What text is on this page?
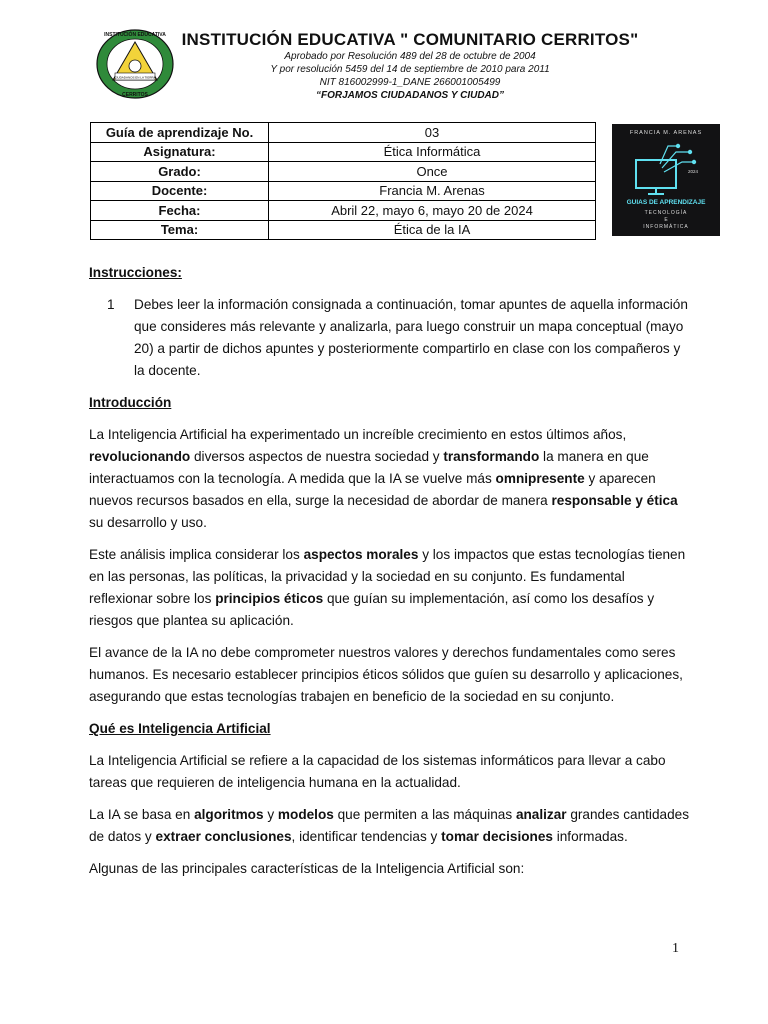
CIUDADANOS EN LA TIERRA
INSTITUCIÓN EDUCATIVA
CERRITOS

INSTITUCIÓN EDUCATIVA " COMUNITARIO CERRITOS"

Aprobado por Resolución 489 del 28 de octubre de 2004

Y por resolución 5459 del 14 de septiembre de 2010 para 2011

NIT 816002999-1_DANE 266001005499

“FORJAMOS CIUDADANOS Y CIUDAD”

Guía de aprendizaje No.	03
Asignatura:	Ética Informática
Grado:	Once
Docente:	Francia M. Arenas
Fecha:	Abril 22, mayo 6, mayo 20 de 2024
Tema:	Ética de la IA
FRANCIA M. ARENAS
2024
GUIAS DE APRENDIZAJE
TECNOLOGÍA
E
INFORMÁTICA
Instrucciones:
1	Debes leer la información consignada a continuación, tomar apuntes de aquella información que consideres más relevante y analizarla, para luego construir un mapa conceptual (mayo 20) a partir de dichos apuntes y posteriormente compartirlo en clase con los compañeros y la docente.
Introducción

La Inteligencia Artificial ha experimentado un increíble crecimiento en estos últimos años, revolucionando diversos aspectos de nuestra sociedad y transformando la manera en que interactuamos con la tecnología. A medida que la IA se vuelve más omnipresente y aparecen nuevos recursos basados en ella, surge la necesidad de abordar de manera responsable y ética su desarrollo y uso.

Este análisis implica considerar los aspectos morales y los impactos que estas tecnologías tienen en las personas, las políticas, la privacidad y la sociedad en su conjunto. Es fundamental reflexionar sobre los principios éticos que guían su implementación, así como los desafíos y riesgos que plantea su aplicación.

El avance de la IA no debe comprometer nuestros valores y derechos fundamentales como seres humanos. Es necesario establecer principios éticos sólidos que guíen su desarrollo y aplicaciones, asegurando que estas tecnologías trabajen en beneficio de la sociedad en su conjunto.

Qué es Inteligencia Artificial

La Inteligencia Artificial se refiere a la capacidad de los sistemas informáticos para llevar a cabo tareas que requieren de inteligencia humana en la actualidad.

La IA se basa en algoritmos y modelos que permiten a las máquinas analizar grandes cantidades de datos y extraer conclusiones, identificar tendencias y tomar decisiones informadas.

Algunas de las principales características de la Inteligencia Artificial son:

1
